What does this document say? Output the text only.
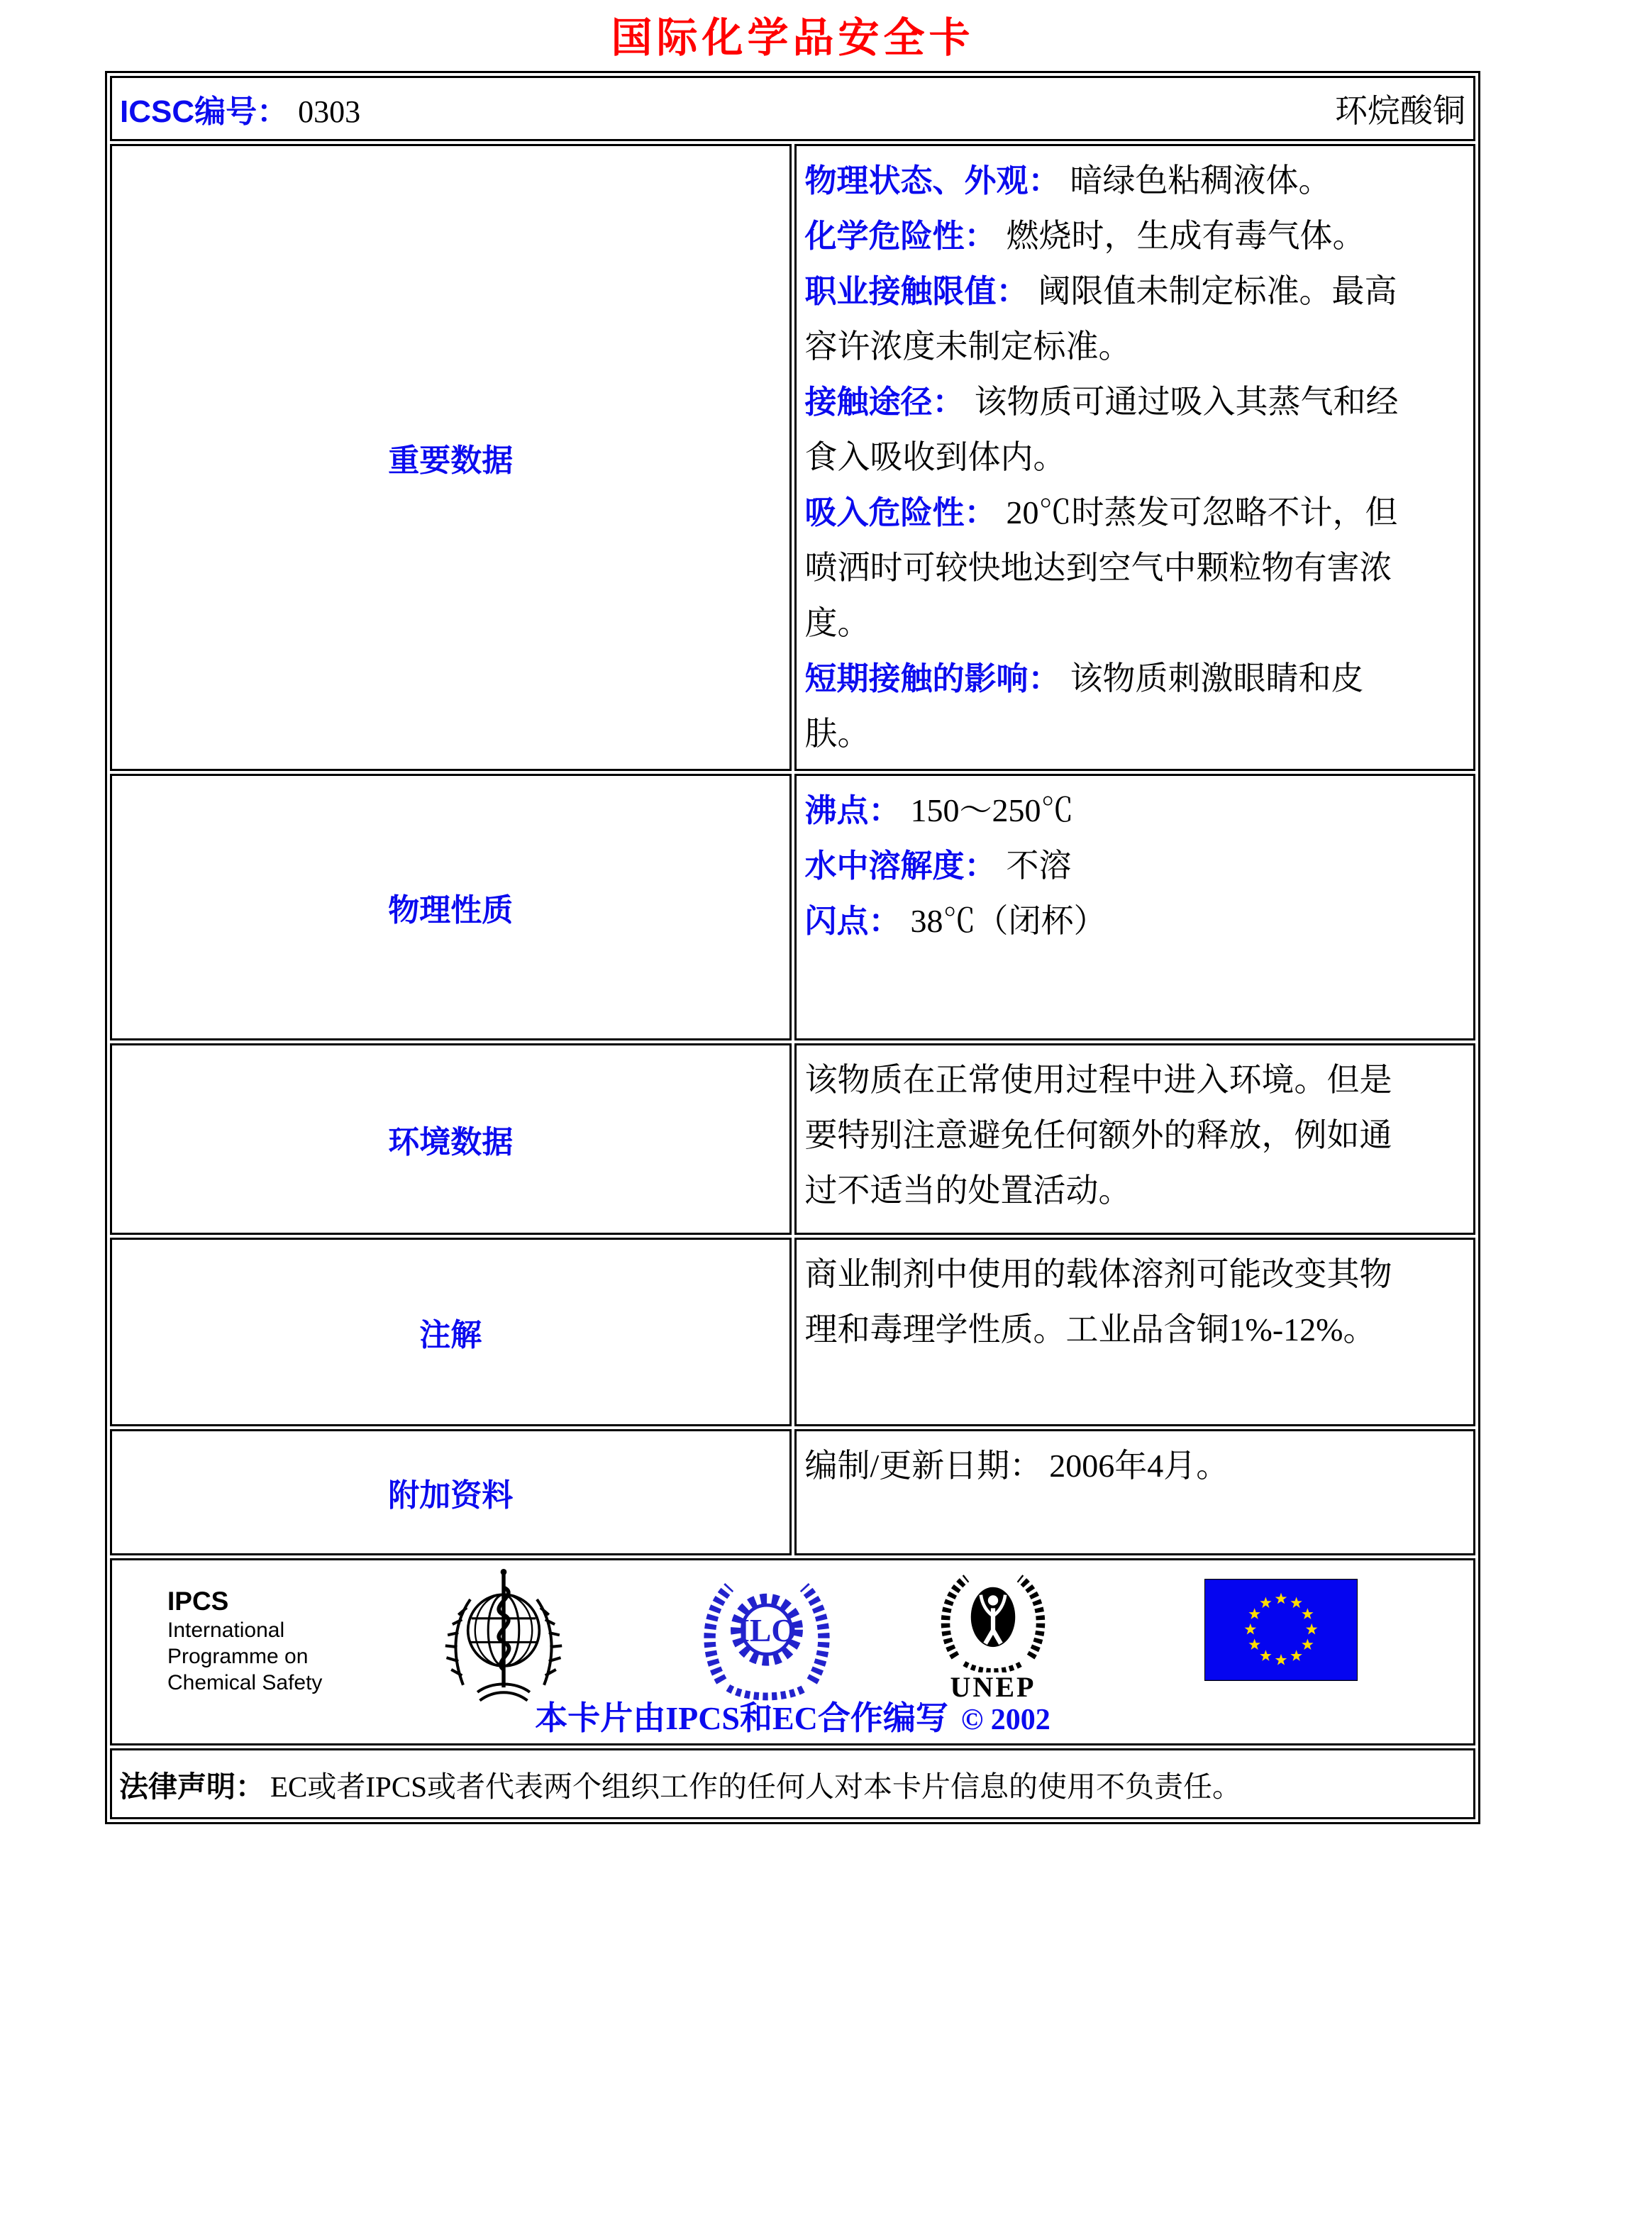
国际化学品安全卡
ICSC编号： 0303 环烷酸铜	

重要数据	
物理状态、外观： 暗绿色粘稠液体。
化学危险性： 燃烧时，生成有毒气体。
职业接触限值： 阈限值未制定标准。最高容许浓度未制定标准。
接触途径： 该物质可通过吸入其蒸气和经食入吸收到体内。
吸入危险性： 20℃时蒸发可忽略不计，但喷洒时可较快地达到空气中颗粒物有害浓度。
短期接触的影响： 该物质刺激眼睛和皮肤。

物理性质	沸点： 150～250℃
水中溶解度： 不溶
闪点： 38℃（闭杯）

环境数据	该物质在正常使用过程中进入环境。但是要特别注意避免任何额外的释放，例如通过不适当的处置活动。
注解	商业制剂中使用的载体溶剂可能改变其物理和毒理学性质。工业品含铜1%-12%。
附加资料	编制/更新日期： 2006年4月。

IPCS
International
Programme on
Chemical Safety
ILO
UNEP
本卡片由IPCS和EC合作编写 © 2002

法律声明： EC或者IPCS或者代表两个组织工作的任何人对本卡片信息的使用不负责任。	
